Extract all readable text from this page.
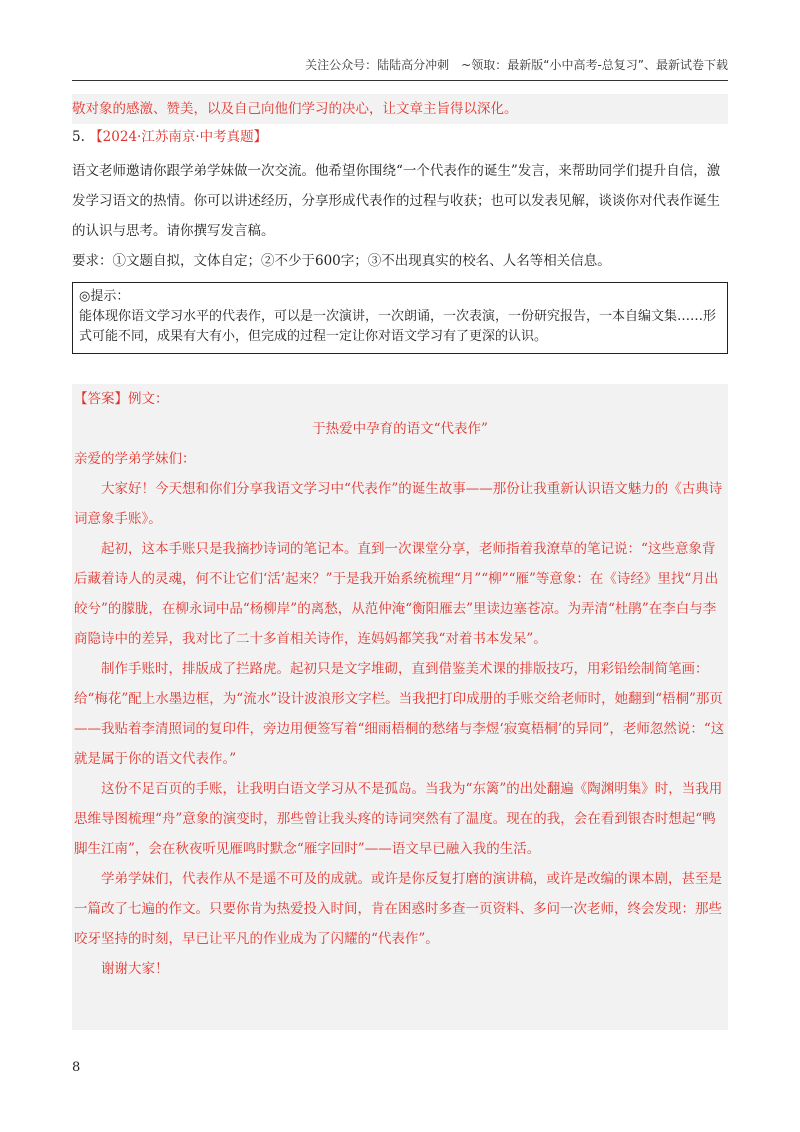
关注公众号：陆陆高分冲刺　~领取：最新版“小中高考-总复习”、最新试卷下载
敬对象的感激、赞美，以及自己向他们学习的决心，让文章主旨得以深化。
5. 【2024·江苏南京·中考真题】
语文老师邀请你跟学弟学妹做一次交流。他希望你围绕“一个代表作的诞生”发言，来帮助同学们提升自信，激发学习语文的热情。你可以讲述经历，分享形成代表作的过程与收获；也可以发表见解，谈谈你对代表作诞生的认识与思考。请你撰写发言稿。
要求：①文题自拟，文体自定；②不少于600字；③不出现真实的校名、人名等相关信息。
◎提示：
能体现你语文学习水平的代表作，可以是一次演讲，一次朗诵，一次表演，一份研究报告，一本自编文集……形式可能不同，成果有大有小，但完成的过程一定让你对语文学习有了更深的认识。

【答案】例文：

于热爱中孕育的语文“代表作”

亲爱的学弟学妹们：

大家好！今天想和你们分享我语文学习中“代表作”的诞生故事——那份让我重新认识语文魅力的《古典诗词意象手账》。

起初，这本手账只是我摘抄诗词的笔记本。直到一次课堂分享，老师指着我潦草的笔记说：“这些意象背后藏着诗人的灵魂，何不让它们‘活’起来？”于是我开始系统梳理“月”“柳”“雁”等意象：在《诗经》里找“月出皎兮”的朦胧，在柳永词中品“杨柳岸”的离愁，从范仲淹“衡阳雁去”里读边塞苍凉。为弄清“杜鹃”在李白与李商隐诗中的差异，我对比了二十多首相关诗作，连妈妈都笑我“对着书本发呆”。

制作手账时，排版成了拦路虎。起初只是文字堆砌，直到借鉴美术课的排版技巧，用彩铅绘制简笔画：给“梅花”配上水墨边框，为“流水”设计波浪形文字栏。当我把打印成册的手账交给老师时，她翻到“梧桐”那页——我贴着李清照词的复印件，旁边用便签写着“细雨梧桐的愁绪与李煜‘寂寞梧桐’的异同”，老师忽然说：“这就是属于你的语文代表作。”

这份不足百页的手账，让我明白语文学习从不是孤岛。当我为“东篱”的出处翻遍《陶渊明集》时，当我用思维导图梳理“舟”意象的演变时，那些曾让我头疼的诗词突然有了温度。现在的我，会在看到银杏时想起“鸭脚生江南”，会在秋夜听见雁鸣时默念“雁字回时”——语文早已融入我的生活。

学弟学妹们，代表作从不是遥不可及的成就。或许是你反复打磨的演讲稿，或许是改编的课本剧，甚至是一篇改了七遍的作文。只要你肯为热爱投入时间，肯在困惑时多查一页资料、多问一次老师，终会发现：那些咬牙坚持的时刻，早已让平凡的作业成为了闪耀的“代表作”。

谢谢大家！

8
